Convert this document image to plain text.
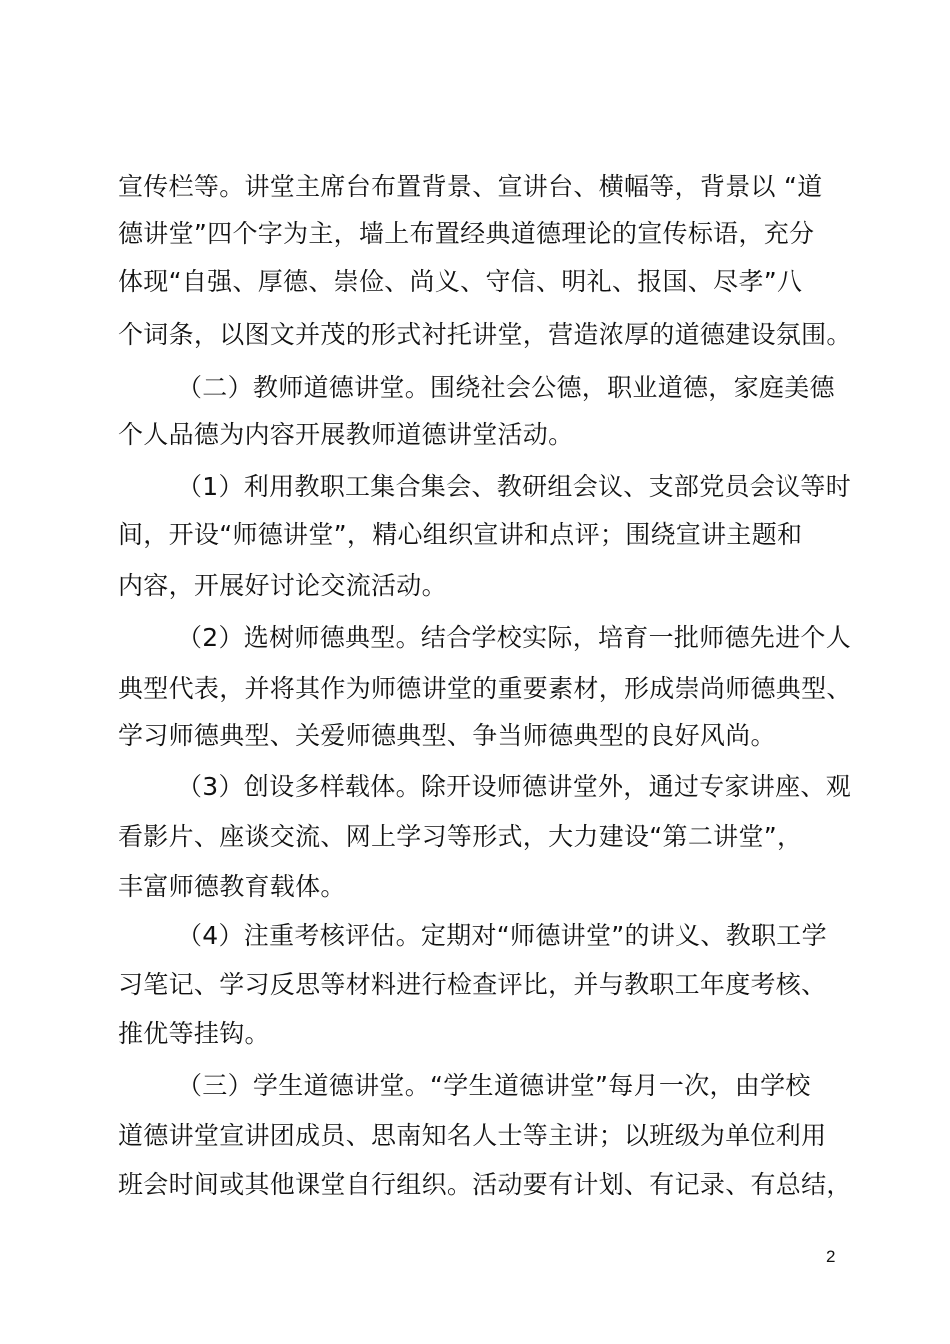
宣传栏等。讲堂主席台布置背景、宣讲台、横幅等，背景以 “道
德讲堂”四个字为主，墙上布置经典道德理论的宣传标语，充分
体现“自强、厚德、崇俭、尚义、守信、明礼、报国、尽孝”八
个词条，以图文并茂的形式衬托讲堂，营造浓厚的道德建设氛围。
（二）教师道德讲堂。围绕社会公德，职业道德，家庭美德
个人品德为内容开展教师道德讲堂活动。
（1）利用教职工集合集会、教研组会议、支部党员会议等时
间，开设“师德讲堂”，精心组织宣讲和点评；围绕宣讲主题和
内容，开展好讨论交流活动。
（2）选树师德典型。结合学校实际，培育一批师德先进个人
典型代表，并将其作为师德讲堂的重要素材，形成崇尚师德典型、
学习师德典型、关爱师德典型、争当师德典型的良好风尚。
（3）创设多样载体。除开设师德讲堂外，通过专家讲座、观
看影片、座谈交流、网上学习等形式，大力建设“第二讲堂”，
丰富师德教育载体。
（4）注重考核评估。定期对“师德讲堂”的讲义、教职工学
习笔记、学习反思等材料进行检查评比，并与教职工年度考核、
推优等挂钩。
（三）学生道德讲堂。“学生道德讲堂”每月一次，由学校
道德讲堂宣讲团成员、思南知名人士等主讲；以班级为单位利用
班会时间或其他课堂自行组织。活动要有计划、有记录、有总结，
2
